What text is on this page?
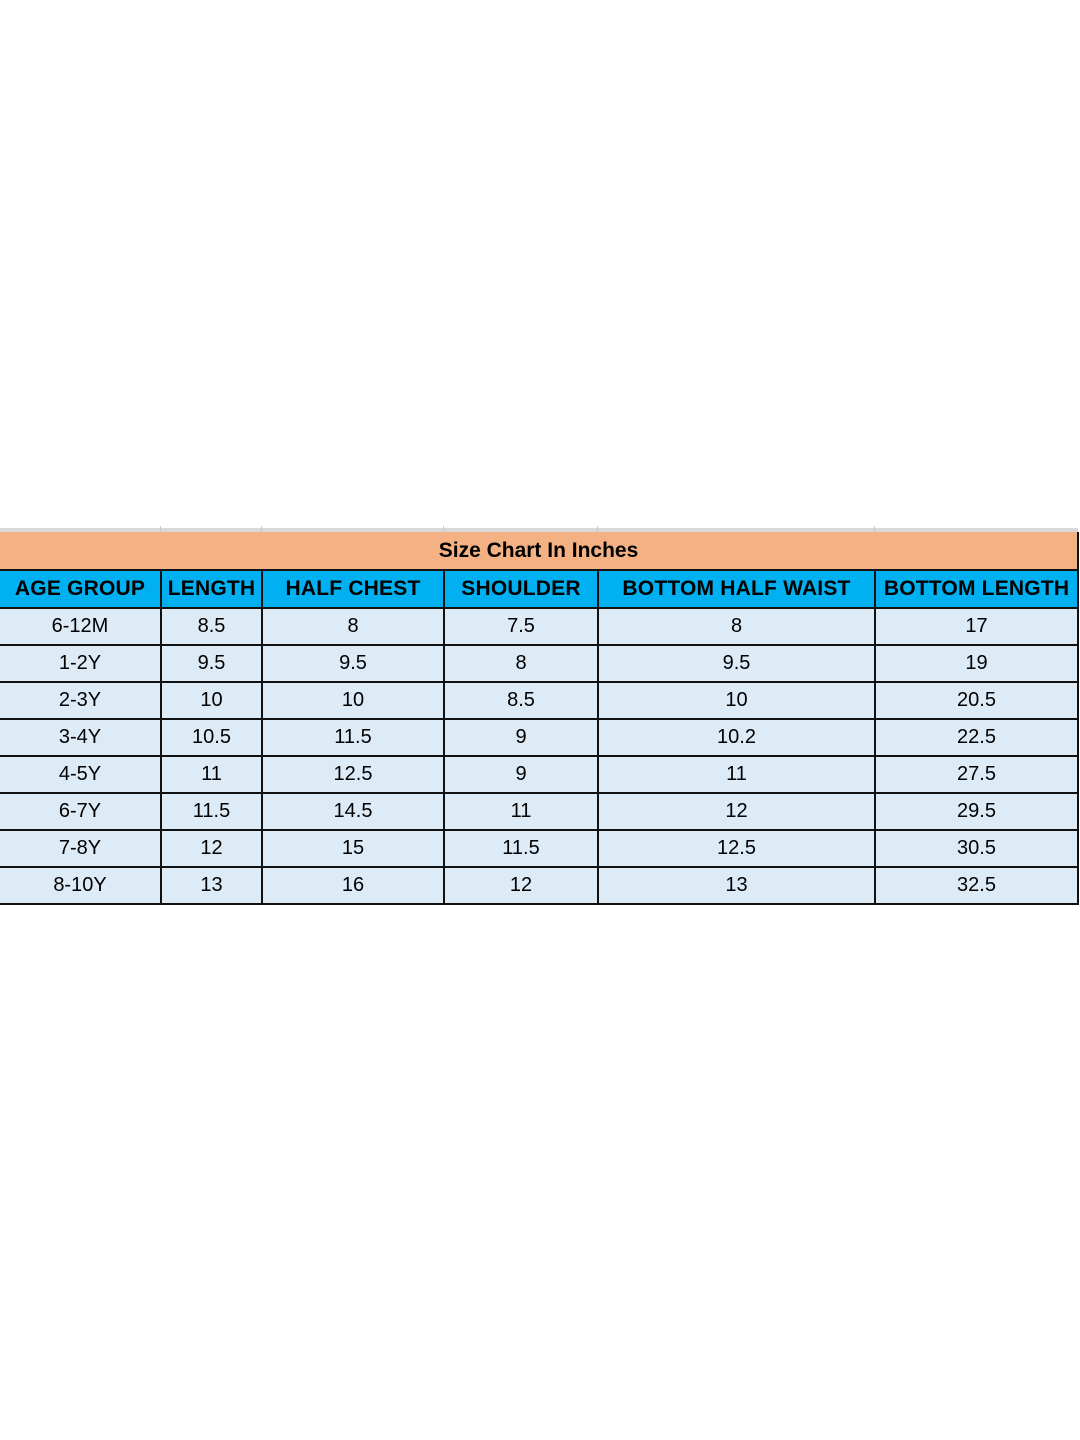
Size Chart In Inches					
AGE GROUP	LENGTH	HALF CHEST	SHOULDER	BOTTOM HALF WAIST	BOTTOM LENGTH
6-12M	8.5	8	7.5	8	17
1-2Y	9.5	9.5	8	9.5	19
2-3Y	10	10	8.5	10	20.5
3-4Y	10.5	11.5	9	10.2	22.5
4-5Y	11	12.5	9	11	27.5
6-7Y	11.5	14.5	11	12	29.5
7-8Y	12	15	11.5	12.5	30.5
8-10Y	13	16	12	13	32.5
